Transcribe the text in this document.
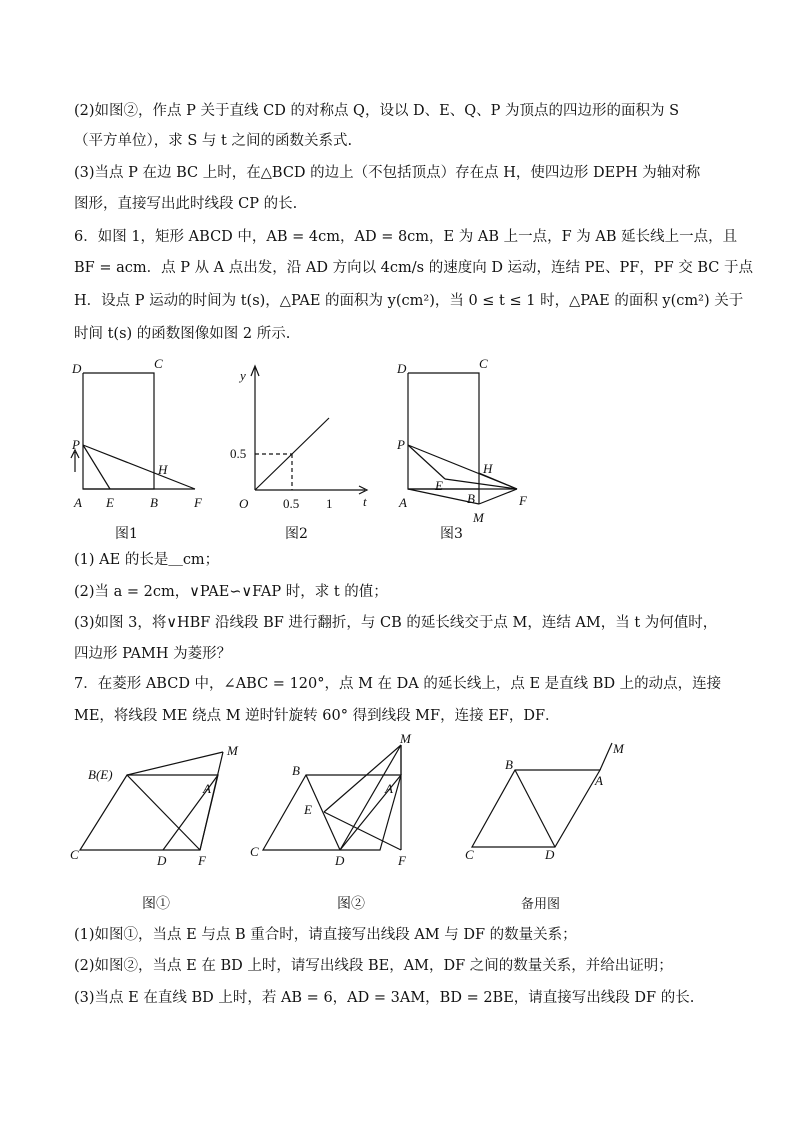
(2)如图②，作点 P 关于直线 CD 的对称点 Q，设以 D、E、Q、P 为顶点的四边形的面积为 S
（平方单位），求 S 与 t 之间的函数关系式.
(3)当点 P 在边 BC 上时，在△BCD 的边上（不包括顶点）存在点 H，使四边形 DEPH 为轴对称
图形，直接写出此时线段 CP 的长.
6．如图 1，矩形 ABCD 中，AB = 4cm，AD = 8cm，E 为 AB 上一点，F 为 AB 延长线上一点，且
BF = acm．点 P 从 A 点出发，沿 AD 方向以 4cm/s 的速度向 D 运动，连结 PE、PF，PF 交 BC 于点
H．设点 P 运动的时间为 t(s)，△PAE 的面积为 y(cm²)，当 0 ≤ t ≤ 1 时，△PAE 的面积 y(cm²) 关于
时间 t(s) 的函数图像如图 2 所示.
D	C
P
H
A E	B	F
图1
y
0.5
O	0.5 1 t
图2
D	C
P
H
E
A	B	F
M
图3
(1) AE 的长是＿cm；
(2)当 a = 2cm，∨PAE∽∨FAP 时，求 t 的值；
(3)如图 3，将∨HBF 沿线段 BF 进行翻折，与 CB 的延长线交于点 M，连结 AM，当 t 为何值时，
四边形 PAMH 为菱形？
7．在菱形 ABCD 中，∠ABC = 120°，点 M 在 DA 的延长线上，点 E 是直线 BD 上的动点，连接
ME，将线段 ME 绕点 M 逆时针旋转 60° 得到线段 MF，连接 EF，DF．
B(E)
M
A
C	D F
图①
B
M
A
E
C
D	F
图②
B
M
A
C	D
备用图
(1)如图①，当点 E 与点 B 重合时，请直接写出线段 AM 与 DF 的数量关系；
(2)如图②，当点 E 在 BD 上时，请写出线段 BE，AM，DF 之间的数量关系，并给出证明；
(3)当点 E 在直线 BD 上时，若 AB = 6，AD = 3AM，BD = 2BE，请直接写出线段 DF 的长.
